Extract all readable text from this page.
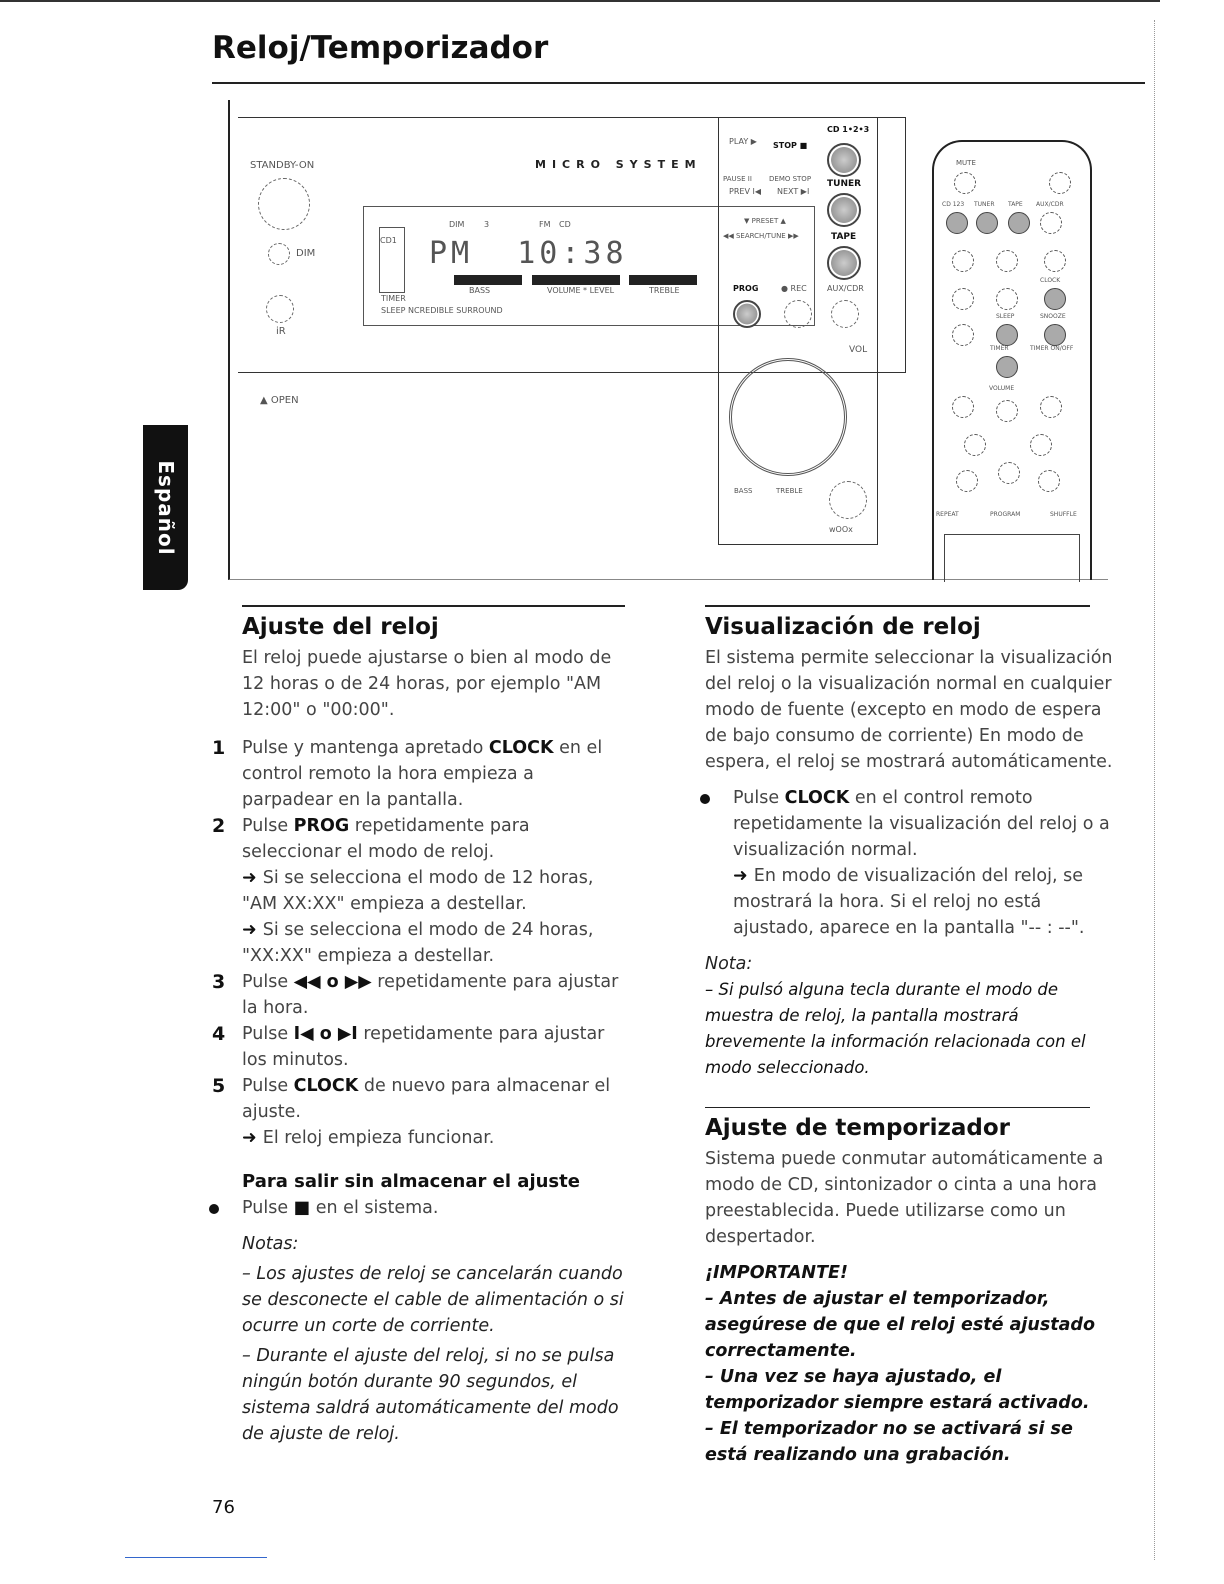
Reloj/Temporizador
Español
MICRO SYSTEM
STANDBY-ON
DIM
iR
CD1
DIM 3	FM CD
PM  10:38
TIMER
SLEEP NCREDIBLE SURROUND
BASS	VOLUME * LEVEL	TREBLE
▲ OPEN
PLAY ▶ STOP ■
CD 1•2•3
PAUSE II DEMO STOP
PREV I◀ NEXT ▶I
TUNER
▼ PRESET ▲
◀◀ SEARCH/TUNE ▶▶	TAPE
PROG	● REC	AUX/CDR
VOL
BASS	TREBLE
wOOx
MUTE
CD 123 TUNER TAPE AUX/CDR
CLOCK
SLEEP	SNOOZE
TIMER	TIMER ON/OFF
VOLUME
REPEAT	PROGRAM	SHUFFLE
Ajuste del reloj

El reloj puede ajustarse o bien al modo de 12 horas o de 24 horas, por ejemplo "AM 12:00" o "00:00".

1 Pulse y mantenga apretado CLOCK en el control remoto la hora empieza a parpadear en la pantalla.
2 Pulse PROG repetidamente para seleccionar el modo de reloj.
➜ Si se selecciona el modo de 12 horas, "AM XX:XX" empieza a destellar.
➜ Si se selecciona el modo de 24 horas, "XX:XX" empieza a destellar.
3 Pulse ◀◀ o ▶▶ repetidamente para ajustar la hora.
4 Pulse I◀ o ▶I repetidamente para ajustar los minutos.
5 Pulse CLOCK de nuevo para almacenar el ajuste.
➜ El reloj empieza funcionar.
Para salir sin almacenar el ajuste
Pulse ■ en el sistema.
Notas:
– Los ajustes de reloj se cancelarán cuando se desconecte el cable de alimentación o si ocurre un corte de corriente.
– Durante el ajuste del reloj, si no se pulsa ningún botón durante 90 segundos, el sistema saldrá automáticamente del modo de ajuste de reloj.
Visualización de reloj

El sistema permite seleccionar la visualización del reloj o la visualización normal en cualquier modo de fuente (excepto en modo de espera de bajo consumo de corriente) En modo de espera, el reloj se mostrará automáticamente.

Pulse CLOCK en el control remoto repetidamente la visualización del reloj o a visualización normal.
➜ En modo de visualización del reloj, se mostrará la hora. Si el reloj no está ajustado, aparece en la pantalla "-- : --".
Nota:
– Si pulsó alguna tecla durante el modo de muestra de reloj, la pantalla mostrará brevemente la información relacionada con el modo seleccionado.
Ajuste de temporizador

Sistema puede conmutar automáticamente a modo de CD, sintonizador o cinta a una hora preestablecida. Puede utilizarse como un despertador.

¡IMPORTANTE!
– Antes de ajustar el temporizador, asegúrese de que el reloj esté ajustado correctamente.
– Una vez se haya ajustado, el temporizador siempre estará activado.
– El temporizador no se activará si se está realizando una grabación.
76
